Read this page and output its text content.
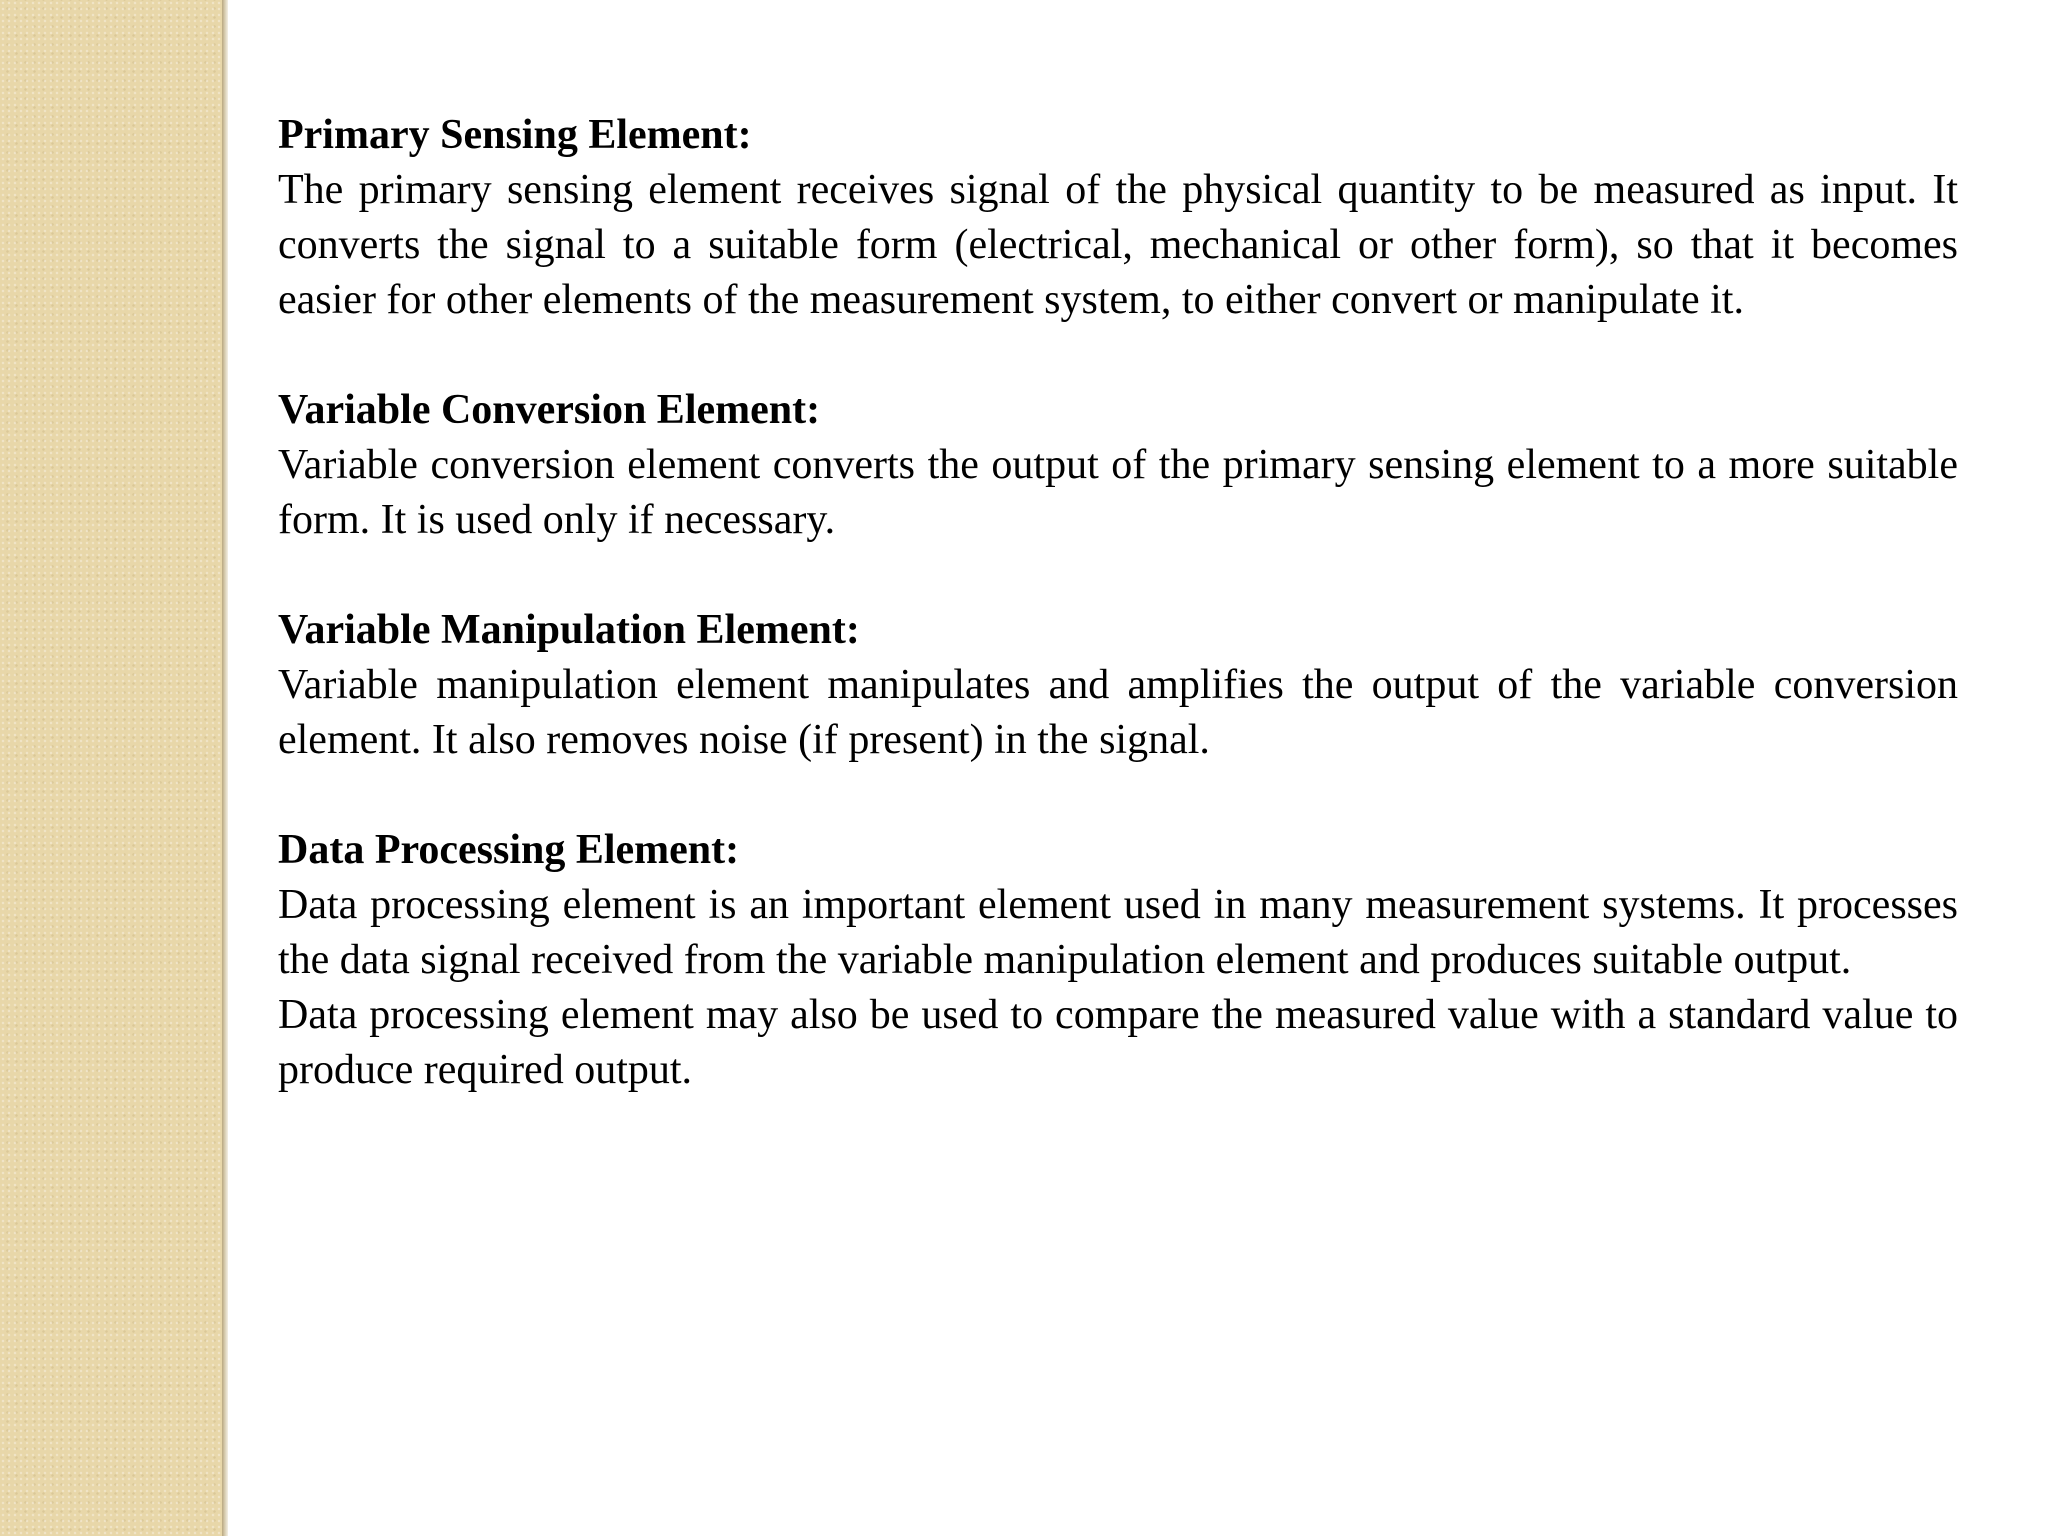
Primary Sensing Element:

The primary sensing element receives signal of the physical quantity to be measured as input. It converts the signal to a suitable form (electrical, mechanical or other form), so that it becomes easier for other elements of the measurement system, to either convert or manipulate it.

Variable Conversion Element:

Variable conversion element converts the output of the primary sensing element to a more suitable form. It is used only if necessary.

Variable Manipulation Element:

Variable manipulation element manipulates and amplifies the output of the variable conversion element. It also removes noise (if present) in the signal.

Data Processing Element:

Data processing element is an important element used in many measurement systems. It processes the data signal received from the variable manipulation element and produces suitable output.

Data processing element may also be used to compare the measured value with a standard value to produce required output.
